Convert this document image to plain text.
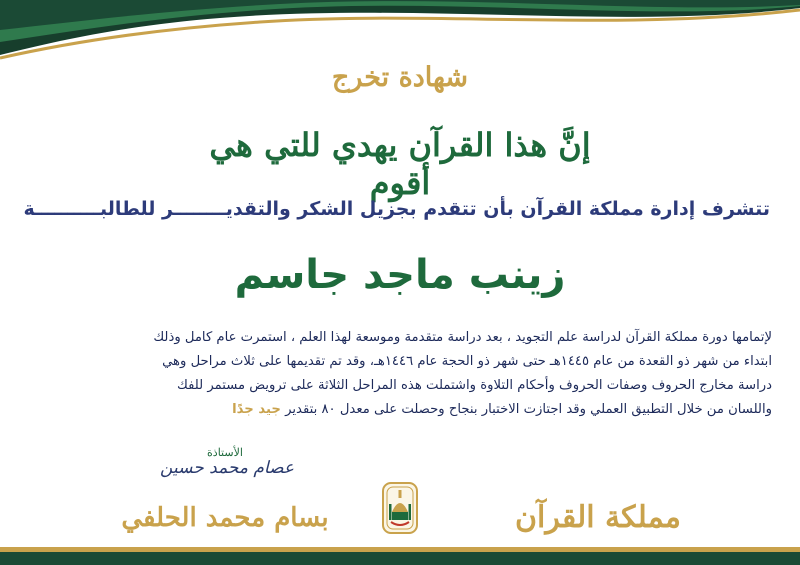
شهادة تخرج
إنَّ هذا القرآن يهدي للتي هي أقوم
تتشرف إدارة مملكة القرآن بأن تتقدم بجزيل الشكر والتقديــــــــر للطالبــــــــــة
زينب ماجد جاسم

لإتمامها دورة مملكة القرآن لدراسة علم التجويد ، بعد دراسة متقدمة وموسعة لهذا العلم ، استمرت عام كامل وذلك

ابتداء من شهر ذو القعدة من عام ١٤٤٥هـ حتى شهر ذو الحجة عام ١٤٤٦هـ، وقد تم تقديمها على ثلاث مراحل وهي

دراسة مخارج الحروف وصفات الحروف وأحكام التلاوة واشتملت هذه المراحل الثلاثة على ترويض مستمر للفك

واللسان من خلال التطبيق العملي وقد اجتازت الاختبار بنجاح وحصلت على معدل ٨٠ بتقدير جيد جدًا

الأستاذة
عصام محمد حسين
بسام محمد الحلفي	مملكة القرآن
